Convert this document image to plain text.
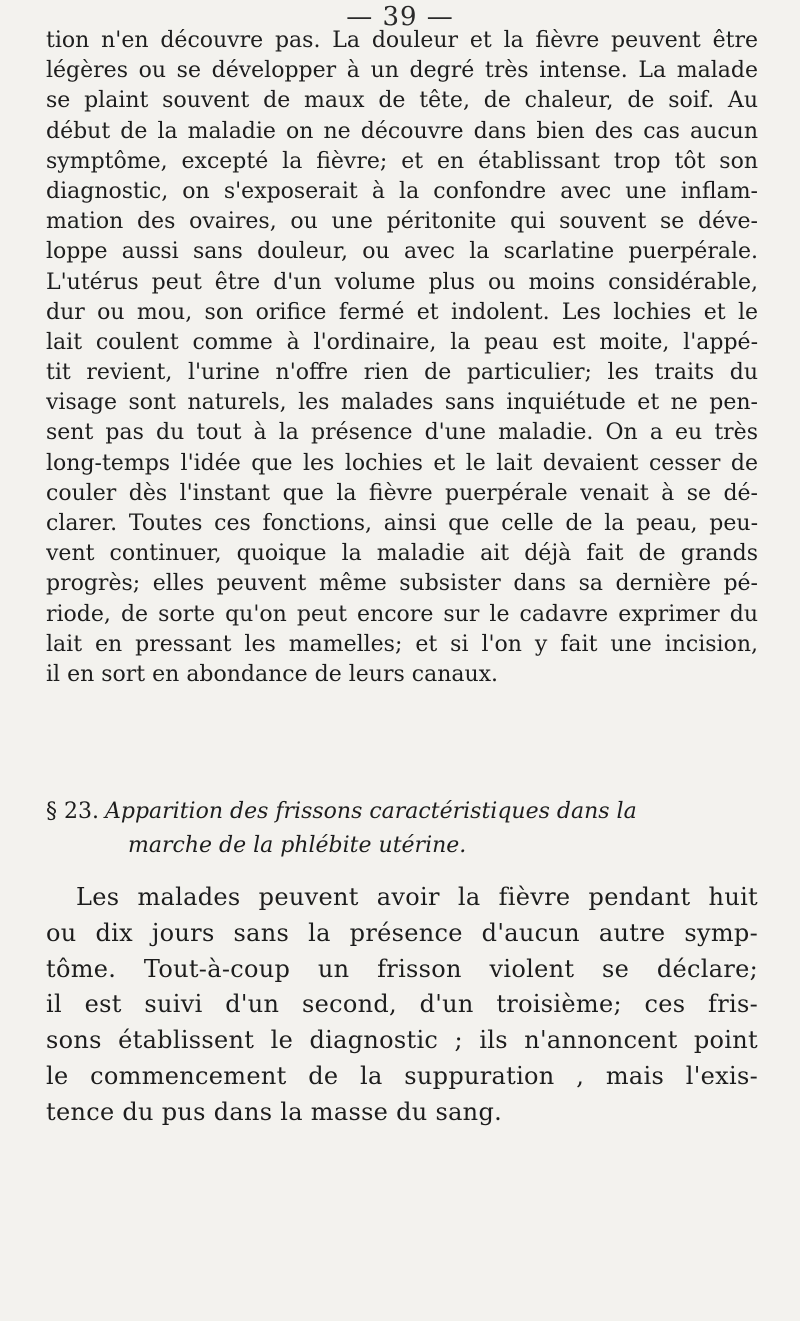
— 39 —
tion n'en découvre pas. La douleur et la fièvre peuvent être
légères ou se développer à un degré très intense. La malade
se plaint souvent de maux de tête, de chaleur, de soif. Au
début de la maladie on ne découvre dans bien des cas aucun
symptôme, excepté la fièvre; et en établissant trop tôt son
diagnostic, on s'exposerait à la confondre avec une inflam-
mation des ovaires, ou une péritonite qui souvent se déve-
loppe aussi sans douleur, ou avec la scarlatine puerpérale.
L'utérus peut être d'un volume plus ou moins considérable,
dur ou mou, son orifice fermé et indolent. Les lochies et le
lait coulent comme à l'ordinaire, la peau est moite, l'appé-
tit revient, l'urine n'offre rien de particulier; les traits du
visage sont naturels, les malades sans inquiétude et ne pen-
sent pas du tout à la présence d'une maladie. On a eu très
long-temps l'idée que les lochies et le lait devaient cesser de
couler dès l'instant que la fièvre puerpérale venait à se dé-
clarer. Toutes ces fonctions, ainsi que celle de la peau, peu-
vent continuer, quoique la maladie ait déjà fait de grands
progrès; elles peuvent même subsister dans sa dernière pé-
riode, de sorte qu'on peut encore sur le cadavre exprimer du
lait en pressant les mamelles; et si l'on y fait une incision,
il en sort en abondance de leurs canaux.
§ 23. Apparition des frissons caractéristiques dans la
marche de la phlébite utérine.
Les malades peuvent avoir la fièvre pendant huit
ou dix jours sans la présence d'aucun autre symp-
tôme. Tout-à-coup un frisson violent se déclare;
il est suivi d'un second, d'un troisième; ces fris-
sons établissent le diagnostic ; ils n'annoncent point
le commencement de la suppuration , mais l'exis-
tence du pus dans la masse du sang.
